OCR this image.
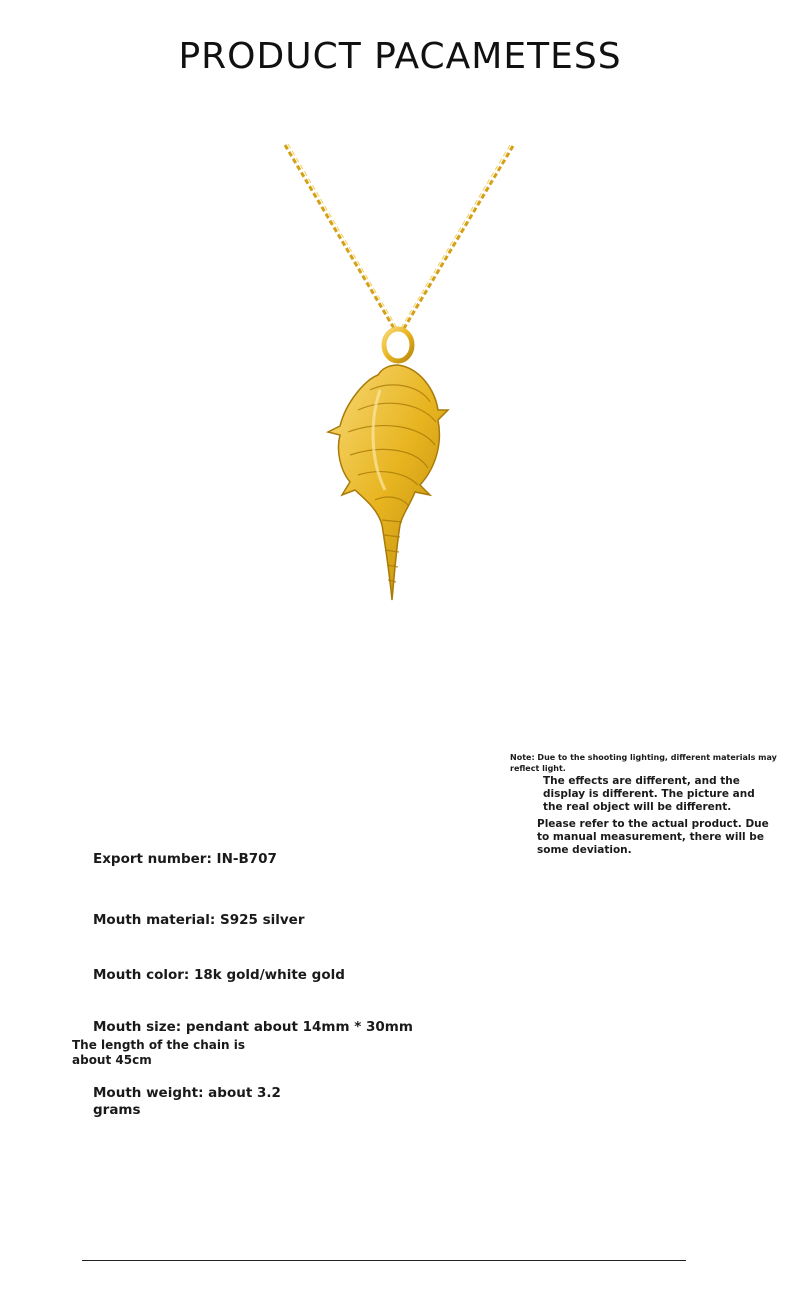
PRODUCT PACAMETESS
Note: Due to the shooting lighting, different materials may reflect light.
The effects are different, and the display is different. The picture and the real object will be different.
Please refer to the actual product. Due to manual measurement, there will be some deviation.
Export number: IN-B707
Mouth material: S925 silver
Mouth color: 18k gold/white gold
Mouth size: pendant about 14mm * 30mm
The length of the chain is about 45cm
Mouth weight: about 3.2 grams
